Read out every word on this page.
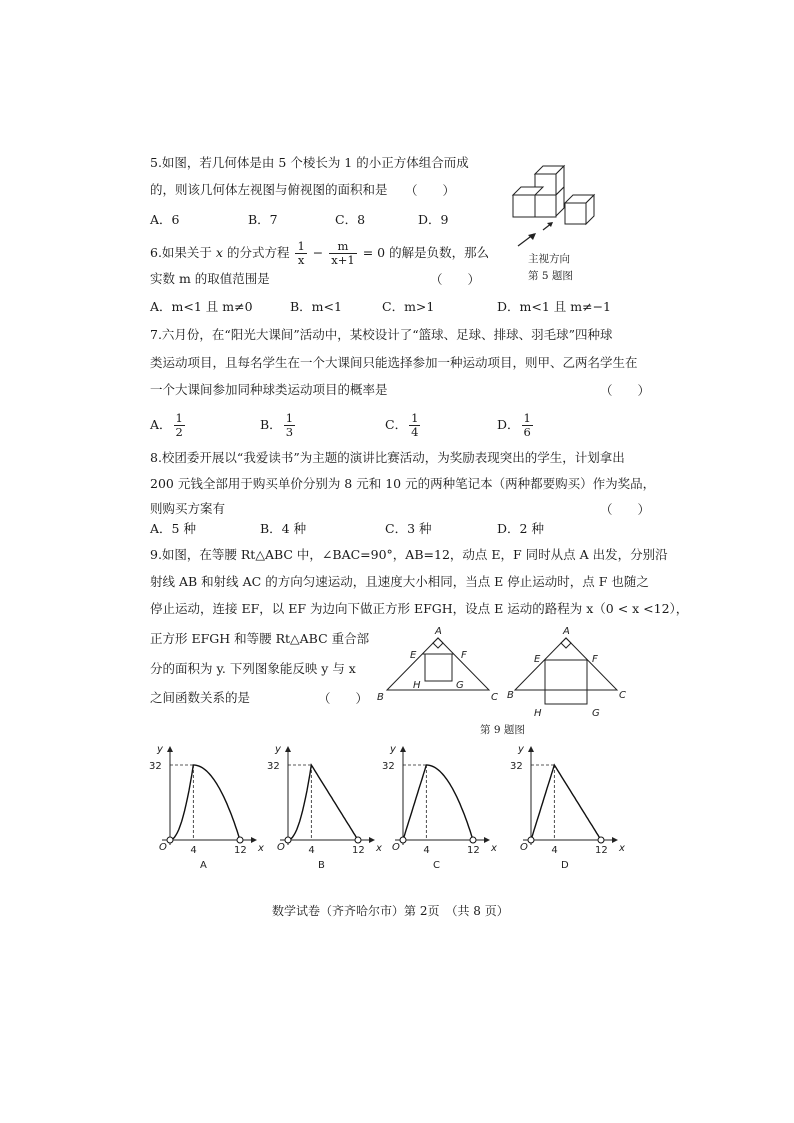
5.如图，若几何体是由 5 个棱长为 1 的小正方体组合而成
的，则该几何体左视图与俯视图的面积和是 （　　）
A．6	B．7	C．8	D．9
主视方向
第 5 题图
6.如果关于 x 的分式方程 $\frac{1}{x} - \frac{m}{x+1} = 0$ 的解是负数，那么
实数 m 的取值范围是	（　　）
A．m<1 且 m≠0	B．m<1	C．m>1	D．m<1 且 m≠−1
7.六月份，在“阳光大课间”活动中，某校设计了“篮球、足球、排球、羽毛球”四种球
类运动项目，且每名学生在一个大课间只能选择参加一种运动项目，则甲、乙两名学生在
一个大课间参加同种球类运动项目的概率是	（　　）
A． $\frac{1}{2}$	B． $\frac{1}{3}$	C． $\frac{1}{4}$	D． $\frac{1}{6}$
8.校团委开展以“我爱读书”为主题的演讲比赛活动，为奖励表现突出的学生，计划拿出
200 元钱全部用于购买单价分别为 8 元和 10 元的两种笔记本（两种都要购买）作为奖品，
则购买方案有	（　　）
A．5 种	B．4 种	C．3 种	D．2 种
9.如图，在等腰 Rt△ABC 中，∠BAC=90°，AB=12，动点 E，F 同时从点 A 出发，分别沿
射线 AB 和射线 AC 的方向匀速运动，且速度大小相同，当点 E 停止运动时，点 F 也随之
停止运动，连接 EF，以 EF 为边向下做正方形 EFGH，设点 E 运动的路程为 x（0 < x <12），
正方形 EFGH 和等腰 Rt△ABC 重合部
分的面积为 y. 下列图象能反映 y 与 x
之间函数关系的是	（　　）
A
E	F
H	G
B	C
A
E	F
B	C
H	G
第 9 题图
y
32
O 4	12 x
A
y
32
O 4	12 x
B
y
32
O 4	12 x
C
y
32
O 4	12 x
D
数学试卷（齐齐哈尔市）第 2页　（共 8 页）
